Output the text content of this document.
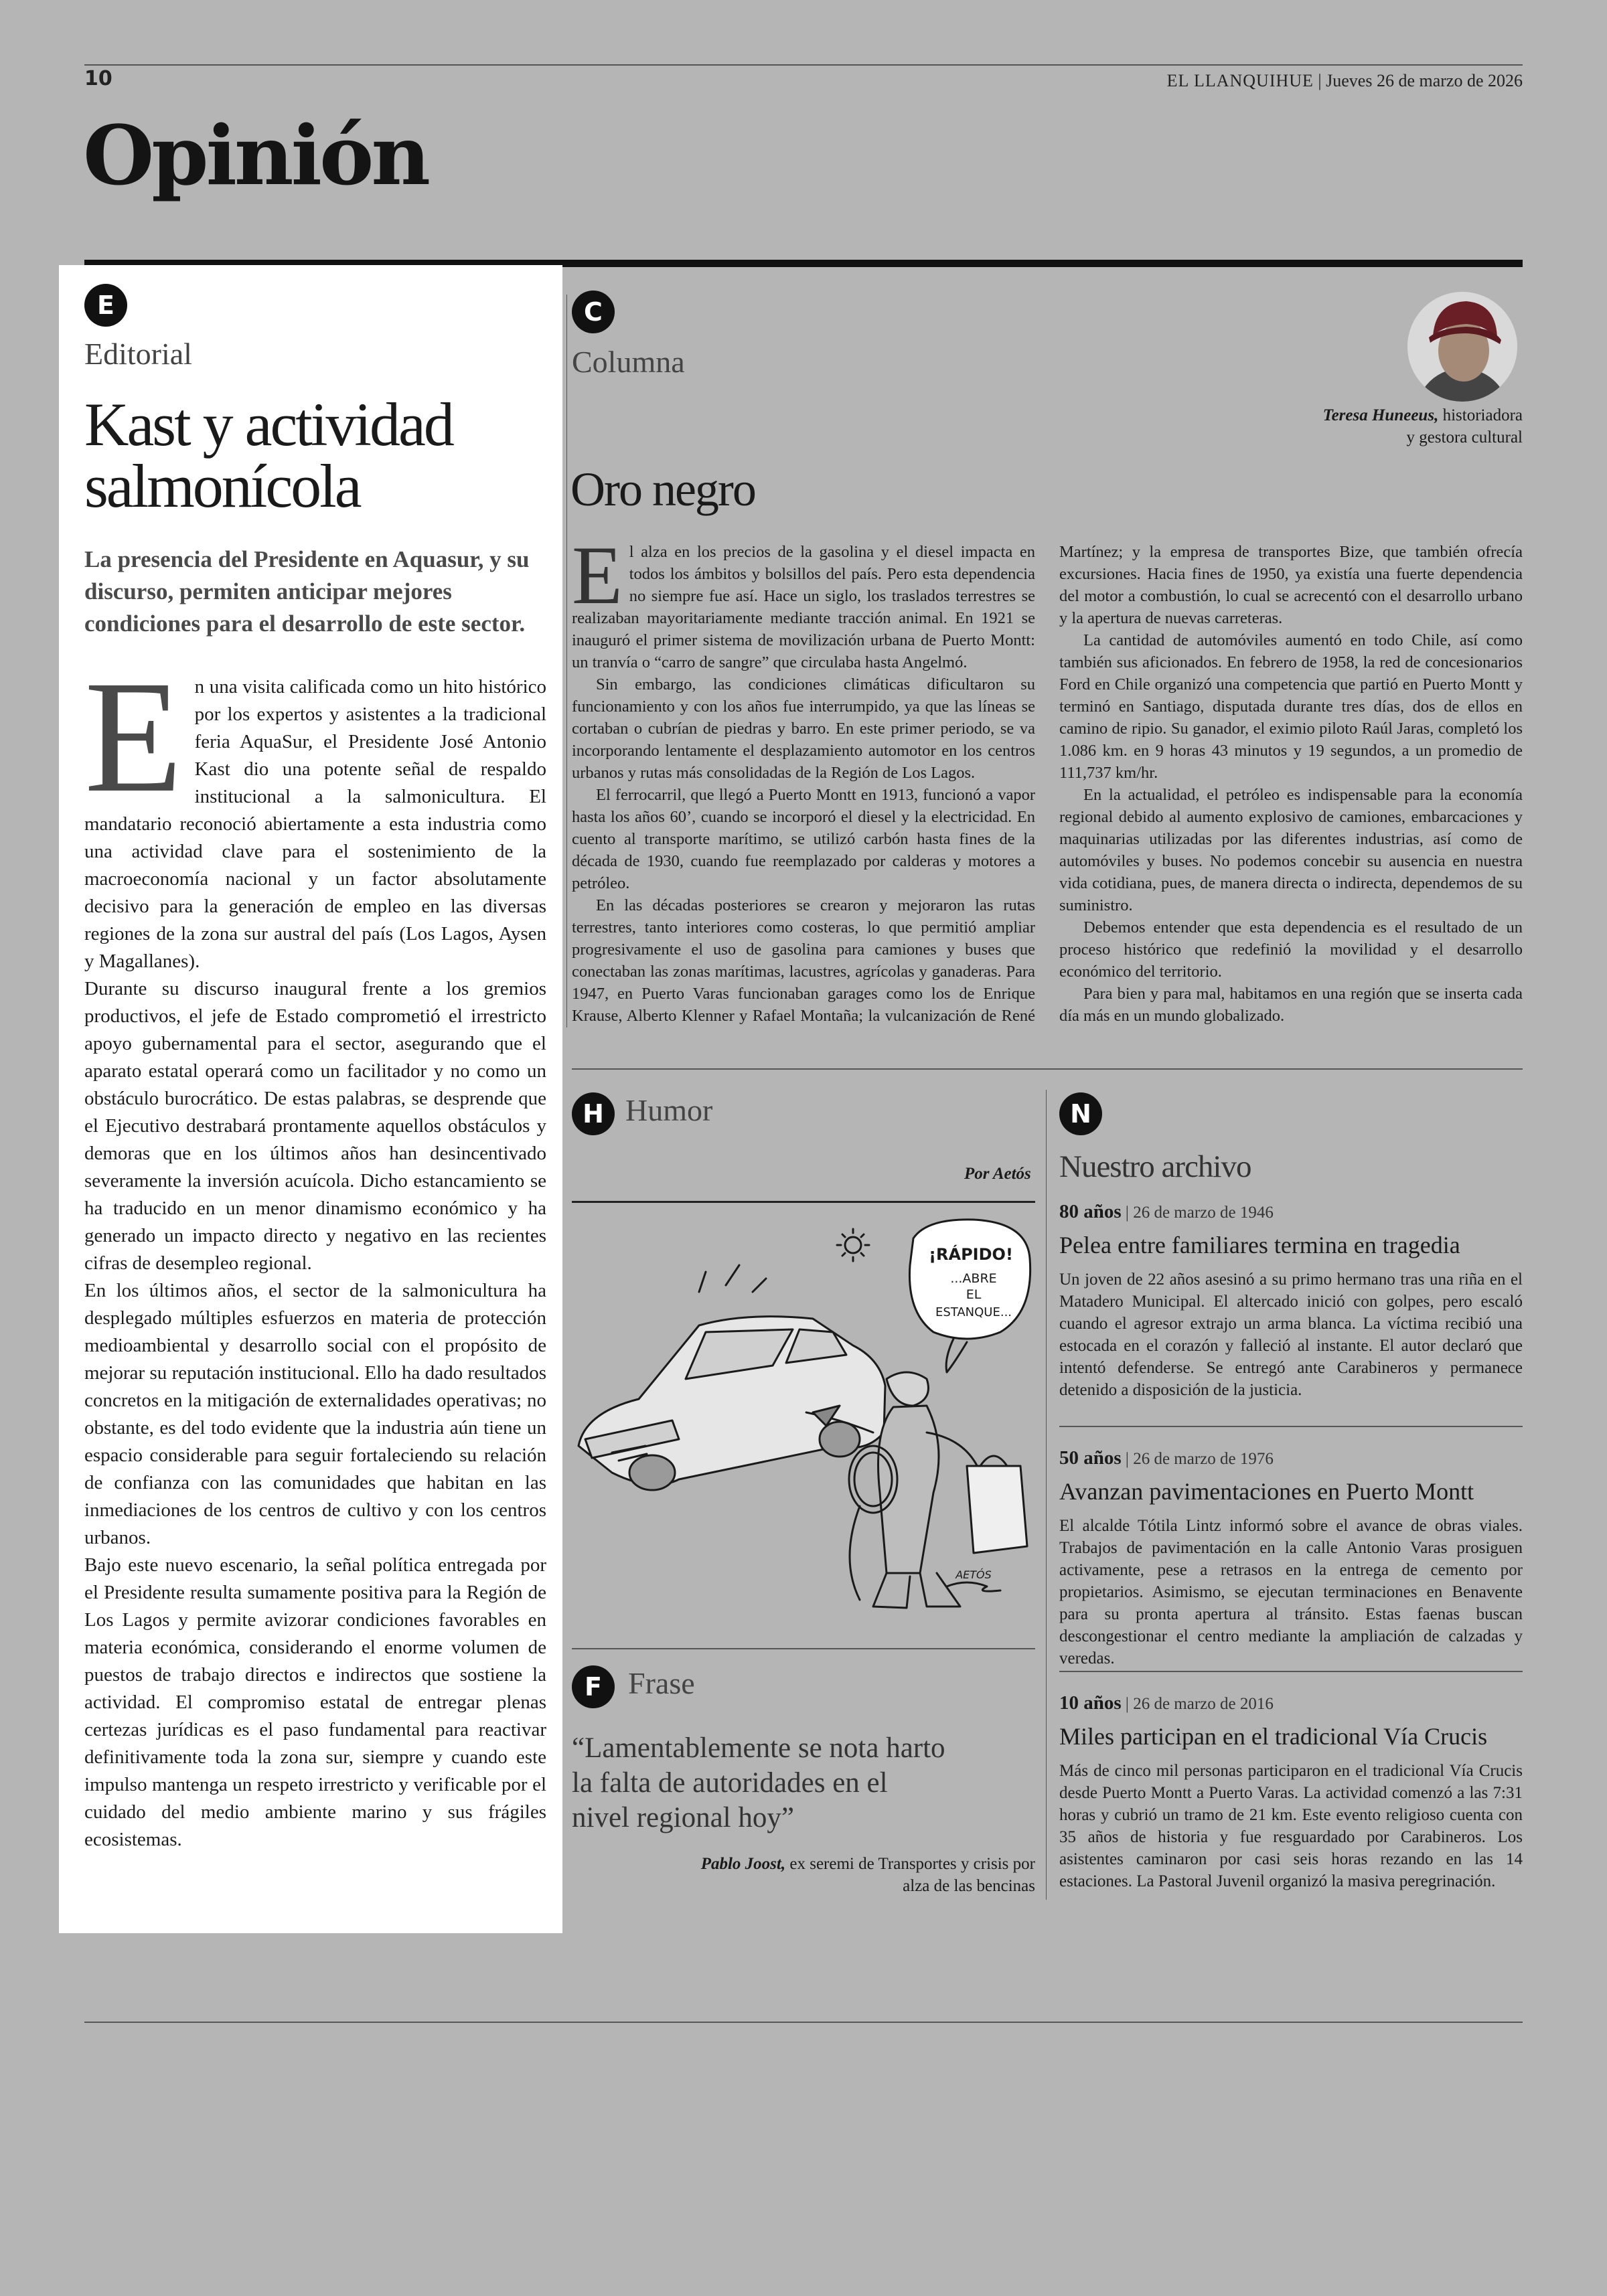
10	EL LLANQUIHUE | Jueves 26 de marzo de 2026
Opinión
E
Editorial
Kast y actividad salmonícola
La presencia del Presidente en Aquasur, y su discurso, permiten anticipar mejores condiciones para el desarrollo de este sector.
E n una visita calificada como un hito histórico por los expertos y asistentes a la tradicional feria AquaSur, el Presidente José Antonio Kast dio una potente señal de respaldo institucional a la salmonicultura. El mandatario reconoció abiertamente a esta industria como una actividad clave para el sostenimiento de la macroeconomía nacional y un factor absolutamente decisivo para la generación de empleo en las diversas regiones de la zona sur austral del país (Los Lagos, Aysen y Magallanes).

Durante su discurso inaugural frente a los gremios productivos, el jefe de Estado comprometió el irrestricto apoyo gubernamental para el sector, asegurando que el aparato estatal operará como un facilitador y no como un obstáculo burocrático. De estas palabras, se desprende que el Ejecutivo destrabará prontamente aquellos obstáculos y demoras que en los últimos años han desincentivado severamente la inversión acuícola. Dicho estancamiento se ha traducido en un menor dinamismo económico y ha generado un impacto directo y negativo en las recientes cifras de desempleo regional.

En los últimos años, el sector de la salmonicultura ha desplegado múltiples esfuerzos en materia de protección medioambiental y desarrollo social con el propósito de mejorar su reputación institucional. Ello ha dado resultados concretos en la mitigación de externalidades operativas; no obstante, es del todo evidente que la industria aún tiene un espacio considerable para seguir fortaleciendo su relación de confianza con las comunidades que habitan en las inmediaciones de los centros de cultivo y con los centros urbanos.

Bajo este nuevo escenario, la señal política entregada por el Presidente resulta sumamente positiva para la Región de Los Lagos y permite avizorar condiciones favorables en materia económica, considerando el enorme volumen de puestos de trabajo directos e indirectos que sostiene la actividad. El compromiso estatal de entregar plenas certezas jurídicas es el paso fundamental para reactivar definitivamente toda la zona sur, siempre y cuando este impulso mantenga un respeto irrestricto y verificable por el cuidado del medio ambiente marino y sus frágiles ecosistemas.

C
Columna
Teresa Huneeus, historiadora
y gestora cultural
Oro negro
E l alza en los precios de la gasolina y el diesel impacta en todos los ámbitos y bolsillos del país. Pero esta dependencia no siempre fue así. Hace un siglo, los traslados terrestres se realizaban mayoritariamente mediante tracción animal. En 1921 se inauguró el primer sistema de movilización urbana de Puerto Montt: un tranvía o “carro de sangre” que circulaba hasta Angelmó.

Sin embargo, las condiciones climáticas dificultaron su funcionamiento y con los años fue interrumpido, ya que las líneas se cortaban o cubrían de piedras y barro. En este primer periodo, se va incorporando lentamente el desplazamiento automotor en los centros urbanos y rutas más consolidadas de la Región de Los Lagos.

El ferrocarril, que llegó a Puerto Montt en 1913, funcionó a vapor hasta los años 60’, cuando se incorporó el diesel y la electricidad. En cuento al transporte marítimo, se utilizó carbón hasta fines de la década de 1930, cuando fue reemplazado por calderas y motores a petróleo.

En las décadas posteriores se crearon y mejoraron las rutas terrestres, tanto interiores como costeras, lo que permitió ampliar progresivamente el uso de gasolina para camiones y buses que conectaban las zonas marítimas, lacustres, agrícolas y ganaderas. Para 1947, en Puerto Varas funcionaban garages como los de Enrique Krause, Alberto Klenner y Rafael Montaña; la vulcanización de René Martínez; y la empresa de transportes Bize, que también ofrecía excursiones. Hacia fines de 1950, ya existía una fuerte dependencia del motor a combustión, lo cual se acrecentó con el desarrollo urbano y la apertura de nuevas carreteras.

La cantidad de automóviles aumentó en todo Chile, así como también sus aficionados. En febrero de 1958, la red de concesionarios Ford en Chile organizó una competencia que partió en Puerto Montt y terminó en Santiago, disputada durante tres días, dos de ellos en camino de ripio. Su ganador, el eximio piloto Raúl Jaras, completó los 1.086 km. en 9 horas 43 minutos y 19 segundos, a un promedio de 111,737 km/hr.

En la actualidad, el petróleo es indispensable para la economía regional debido al aumento explosivo de camiones, embarcaciones y maquinarias utilizadas por las diferentes industrias, así como de automóviles y buses. No podemos concebir su ausencia en nuestra vida cotidiana, pues, de manera directa o indirecta, dependemos de su suministro.

Debemos entender que esta dependencia es el resultado de un proceso histórico que redefinió la movilidad y el desarrollo económico del territorio.

Para bien y para mal, habitamos en una región que se inserta cada día más en un mundo globalizado.

H Humor
Por Aetós
¡RÁPIDO!
...ABRE
EL
ESTANQUE...
AETÓS
F Frase
“Lamentablemente se nota harto la falta de autoridades en el nivel regional hoy”
Pablo Joost, ex seremi de Transportes y crisis por alza de las bencinas
N
Nuestro archivo
80 años | 26 de marzo de 1946
Pelea entre familiares termina en tragedia
Un joven de 22 años asesinó a su primo hermano tras una riña en el Matadero Municipal. El altercado inició con golpes, pero escaló cuando el agresor extrajo un arma blanca. La víctima recibió una estocada en el corazón y falleció al instante. El autor declaró que intentó defenderse. Se entregó ante Carabineros y permanece detenido a disposición de la justicia.
50 años | 26 de marzo de 1976
Avanzan pavimentaciones en Puerto Montt
El alcalde Tótila Lintz informó sobre el avance de obras viales. Trabajos de pavimentación en la calle Antonio Varas prosiguen activamente, pese a retrasos en la entrega de cemento por propietarios. Asimismo, se ejecutan terminaciones en Benavente para su pronta apertura al tránsito. Estas faenas buscan descongestionar el centro mediante la ampliación de calzadas y veredas.
10 años | 26 de marzo de 2016
Miles participan en el tradicional Vía Crucis
Más de cinco mil personas participaron en el tradicional Vía Crucis desde Puerto Montt a Puerto Varas. La actividad comenzó a las 7:31 horas y cubrió un tramo de 21 km. Este evento religioso cuenta con 35 años de historia y fue resguardado por Carabineros. Los asistentes caminaron por casi seis horas rezando en las 14 estaciones. La Pastoral Juvenil organizó la masiva peregrinación.
